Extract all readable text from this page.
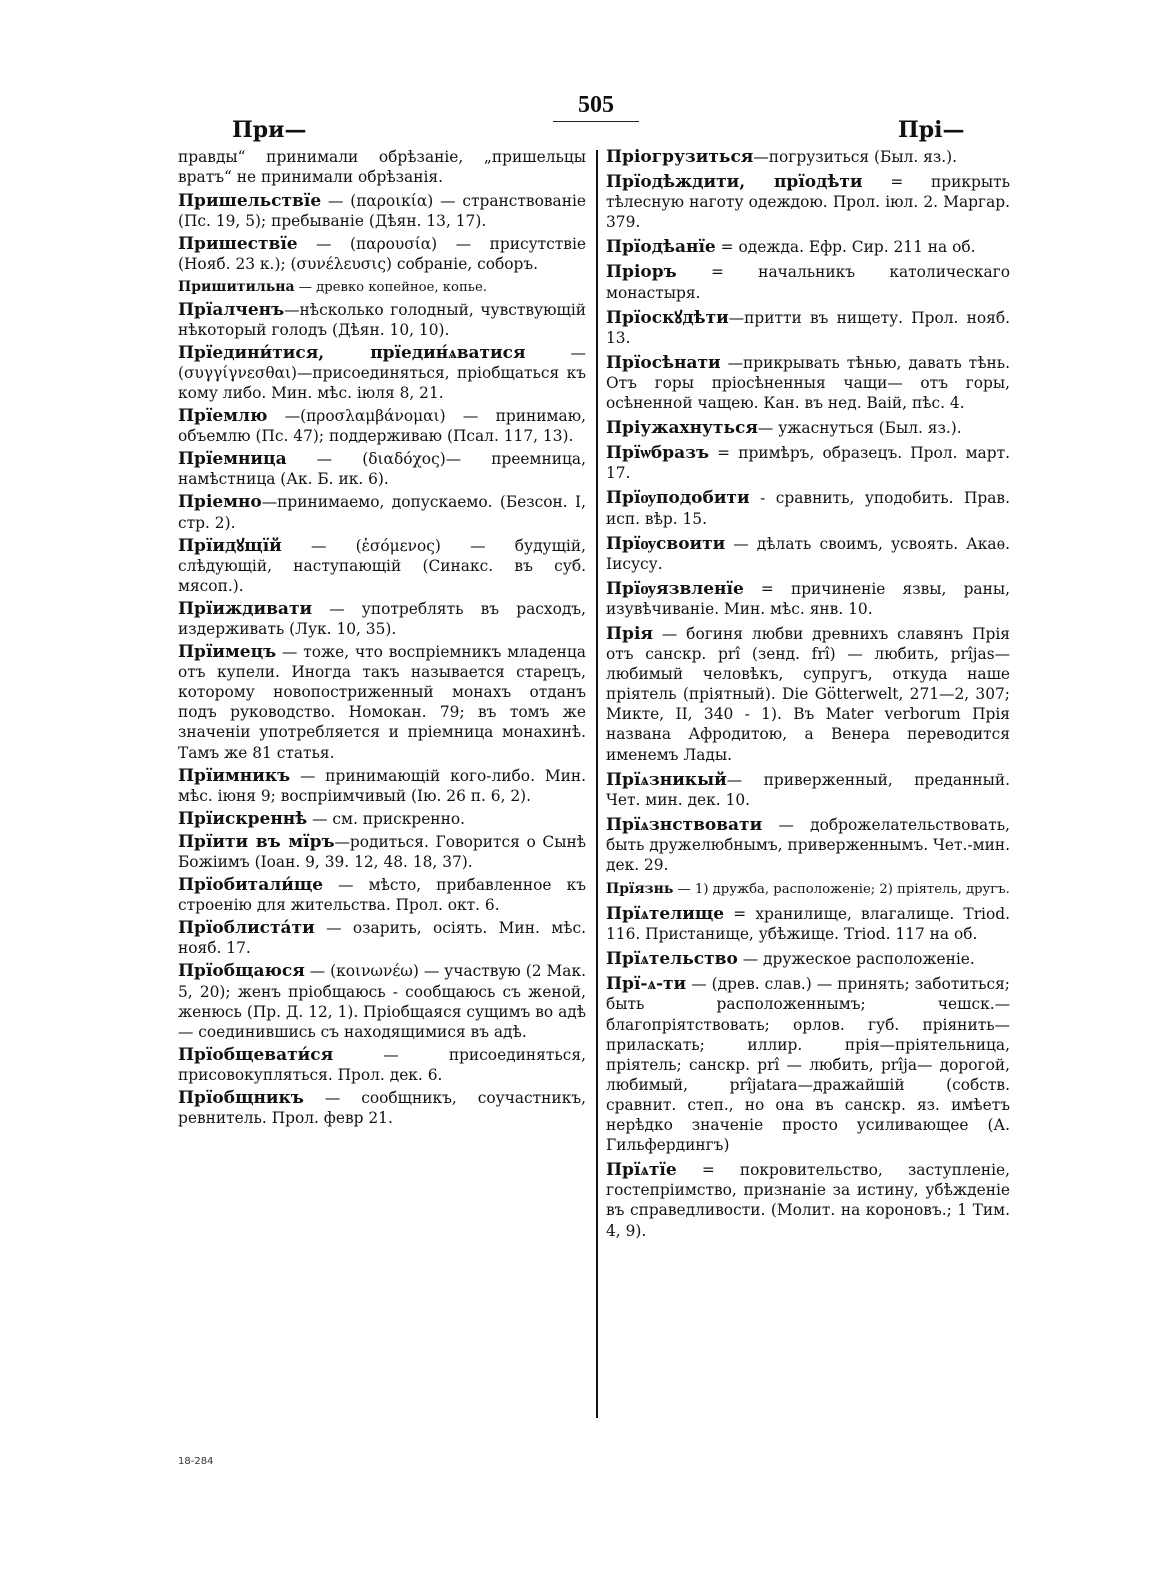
505
При—	Прі—

правды“ принимали обрѣзаніе, „пришельцы вратъ“ не принимали обрѣзанія.

Пришельствїе — (παροικία) — странствованіе (Пс. 19, 5); пребываніе (Дѣян. 13, 17).

Пришествїе — (παρουσία) — присутствіе (Нояб. 23 к.); (συνέλευσις) собраніе, соборъ.

Пришитильна — древко копейное, копье.

Прїалченъ—нѣсколько голодный, чувствующій нѣкоторый голодъ (Дѣян. 10, 10).

Прїедини́тися, прїедин́ѧватися — (συγγίγνεσθαι)—присоединяться, пріобщаться къ кому либо. Мин. мѣс. іюля 8, 21.

Прїемлю —(προσλαμβάνομαι) — принимаю, объемлю (Пс. 47); поддерживаю (Псал. 117, 13).

Прїемница — (διαδόχος)— преемница, намѣстница (Ак. Б. ик. 6).

Пріемно—принимаемо, допускаемо. (Безсон. I, стр. 2).

Прїидꙋщїй — (ἐσόμενος) — будущій, слѣдующій, наступающій (Синакс. въ суб. мясоп.).

Прїиждивати — употреблять въ расходъ, издерживать (Лук. 10, 35).

Прїимецъ — тоже, что воспріемникъ младенца отъ купели. Иногда такъ называется старецъ, которому новопостриженный монахъ отданъ подъ руководство. Номокан. 79; въ томъ же значеніи употребляется и пріемница монахинѣ. Тамъ же 81 статья.

Прїимникъ — принимающій кого-либо. Мин. мѣс. іюня 9; воспріимчивый (Ію. 26 п. 6, 2).

Прїискреннѣ — см. прискренно.

Прїити въ мїръ—родиться. Говорится о Сынѣ Божіимъ (Іоан. 9, 39. 12, 48. 18, 37).

Прїобитали́ще — мѣсто, прибавленное къ строенію для жительства. Прол. окт. 6.

Прїоблиста́ти — озарить, осіять. Мин. мѣс. нояб. 17.

Прїобщаюся — (κοινωνέω) — участвую (2 Мак. 5, 20); женъ пріобщаюсь - сообщаюсь съ женой, женюсь (Пр. Д. 12, 1). Пріобщаяся сущимъ во адѣ — соединившись съ находящимися въ адѣ.

Прїобщевати́ся — присоединяться, присовокупляться. Прол. дек. 6.

Прїобщникъ — сообщникъ, соучастникъ, ревнитель. Прол. февр 21.

Пріогрузиться—погрузиться (Был. яз.).

Прїодѣждити, прїодѣти = прикрыть тѣлесную наготу одеждою. Прол. іюл. 2. Маргар. 379.

Прїодѣанїе = одежда. Ефр. Сир. 211 на об.

Пріоръ = начальникъ католическаго монастыря.

Прїоскꙋдѣти—притти въ нищету. Прол. нояб. 13.

Прїосѣнати —прикрывать тѣнью, давать тѣнь. Отъ горы пріосѣненныя чащи— отъ горы, осѣненной чащею. Кан. въ нед. Ваій, пѣс. 4.

Пріужахнуться— ужаснуться (Был. яз.).

Прїѡбразъ = примѣръ, образецъ. Прол. март. 17.

Прїѹподобити - сравнить, уподобить. Прав. исп. вѣр. 15.

Прїѹсвоити — дѣлать своимъ, усвоять. Акаѳ. Іисусу.

Прїѹязвленїе = причиненіе язвы, раны, изувѣчиваніе. Мин. мѣс. янв. 10.

Прія — богиня любви древнихъ славянъ Прія отъ санскр. prî (зенд. frî) — любить, prîjas—любимый человѣкъ, супругъ, откуда наше пріятель (пріятный). Die Götterwelt, 271—2, 307; Микте, II, 340 - 1). Въ Mater verborum Прія названа Афродитою, а Венера переводится именемъ Лады.

Прїѧзникый— приверженный, преданный. Чет. мин. дек. 10.

Прїѧзнствовати — доброжелательствовать, быть дружелюбнымъ, приверженнымъ. Чет.-мин. дек. 29.

Прїязнь — 1) дружба, расположеніе; 2) пріятель, другъ.

Прїѧтелище = хранилище, влагалище. Triod. 116. Пристанище, убѣжище. Triod. 117 на об.

Прїѧтельство — дружеское расположеніе.

Прї-ѧ-ти — (древ. слав.) — принять; заботиться; быть расположеннымъ; чешск.— благопріятствовать; орлов. губ. пріянить— приласкать; иллир. прія—пріятельница, пріятель; санскр. prî — любить, prîja— дорогой, любимый, prîjatara—дражайшій (собств. сравнит. степ., но она въ санскр. яз. имѣетъ нерѣдко значеніе просто усиливающее (А. Гильфердингъ)

Прїѧтїе = покровительство, заступленіе, гостепріимство, признаніе за истину, убѣжденіе въ справедливости. (Молит. на короновъ.; 1 Тим. 4, 9).

18-284
